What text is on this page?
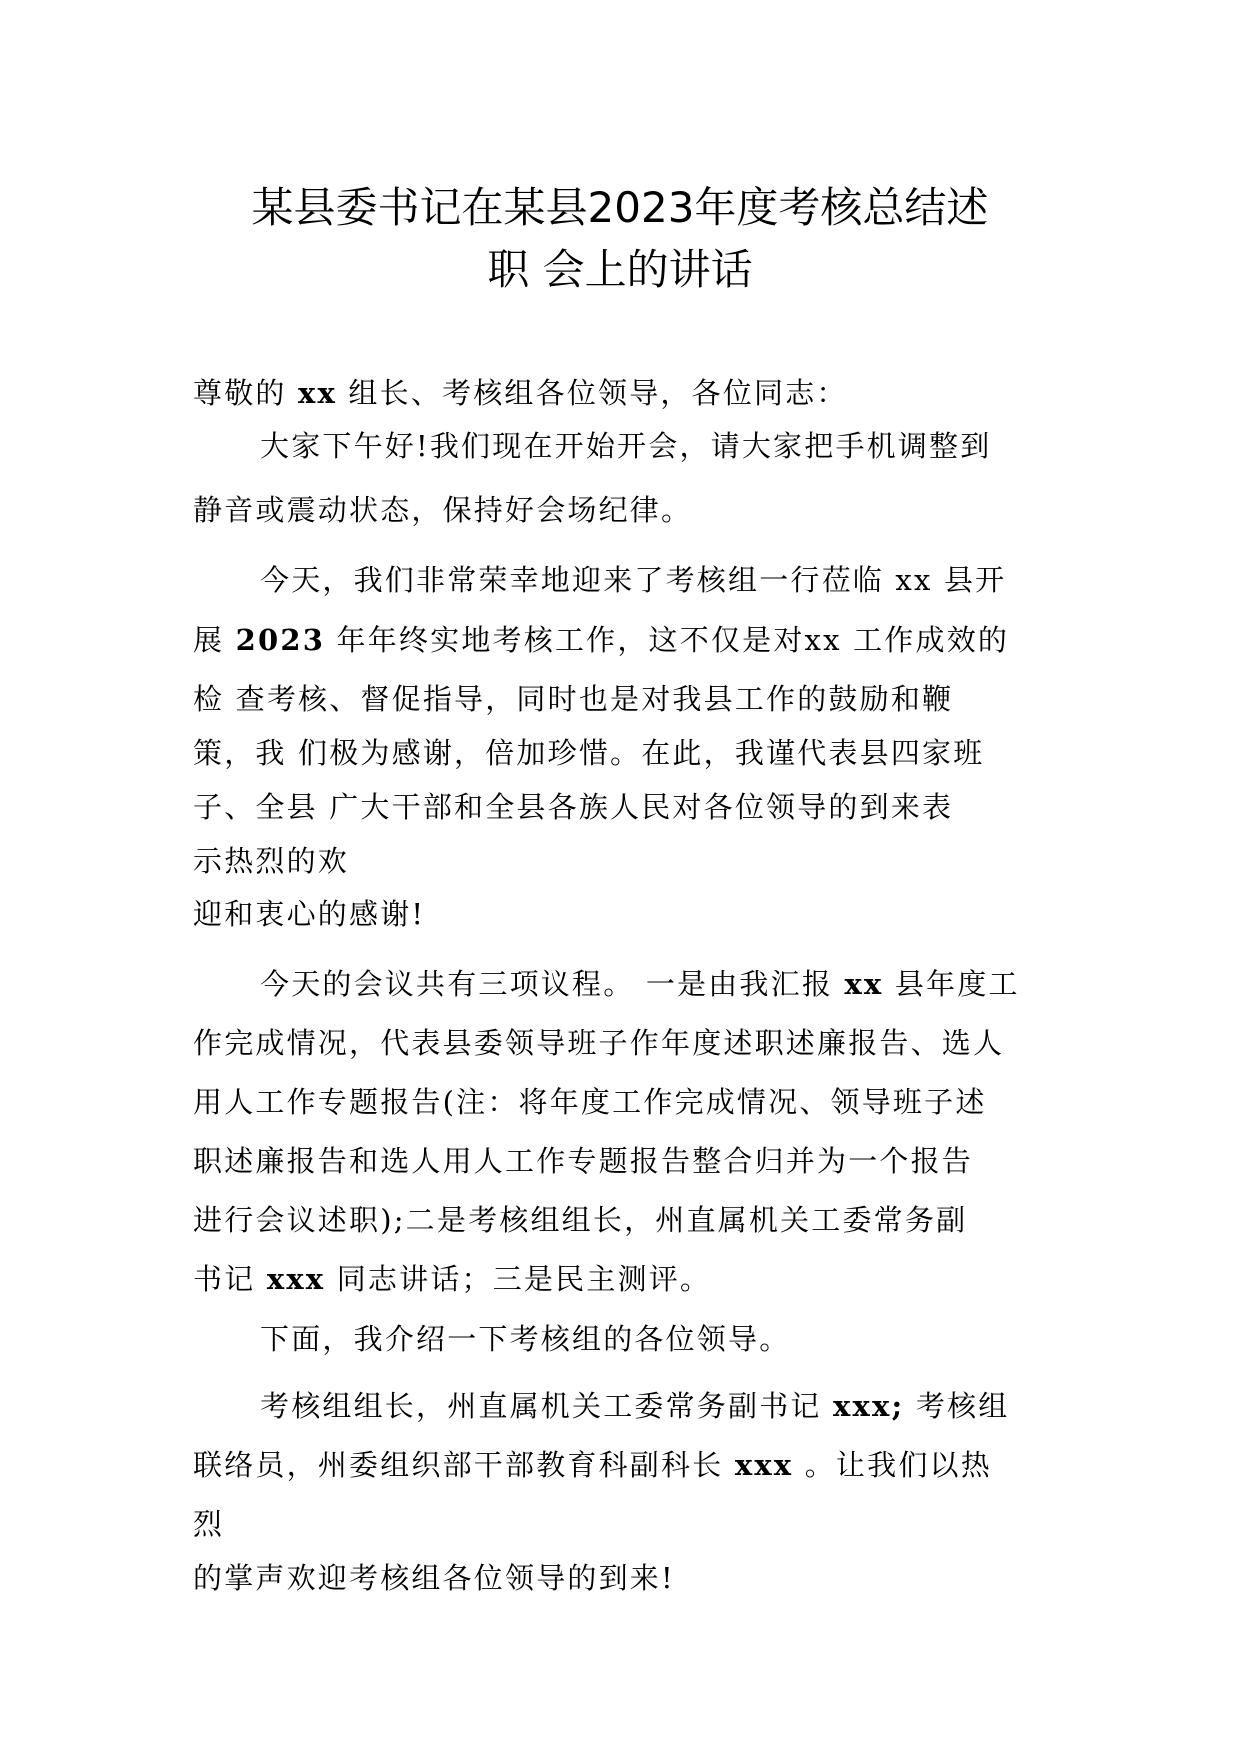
某县委书记在某县2023年度考核总结述
职 会上的讲话
尊敬的 xx 组长、考核组各位领导，各位同志：
大家下午好!我们现在开始开会，请大家把手机调整到
静音或震动状态，保持好会场纪律。
今天，我们非常荣幸地迎来了考核组一行莅临 xx 县开
展 2023 年年终实地考核工作，这不仅是对xx 工作成效的
检 查考核、督促指导，同时也是对我县工作的鼓励和鞭
策，我 们极为感谢，倍加珍惜。在此，我谨代表县四家班
子、全县 广大干部和全县各族人民对各位领导的到来表
示热烈的欢
迎和衷心的感谢!
今天的会议共有三项议程。 一是由我汇报 xx 县年度工
作完成情况，代表县委领导班子作年度述职述廉报告、选人
用人工作专题报告(注：将年度工作完成情况、领导班子述
职述廉报告和选人用人工作专题报告整合归并为一个报告
进行会议述职);二是考核组组长，州直属机关工委常务副
书记 xxx 同志讲话；三是民主测评。
下面，我介绍一下考核组的各位领导。
考核组组长，州直属机关工委常务副书记 xxx; 考核组
联络员，州委组织部干部教育科副科长 xxx 。让我们以热
烈
的掌声欢迎考核组各位领导的到来!
